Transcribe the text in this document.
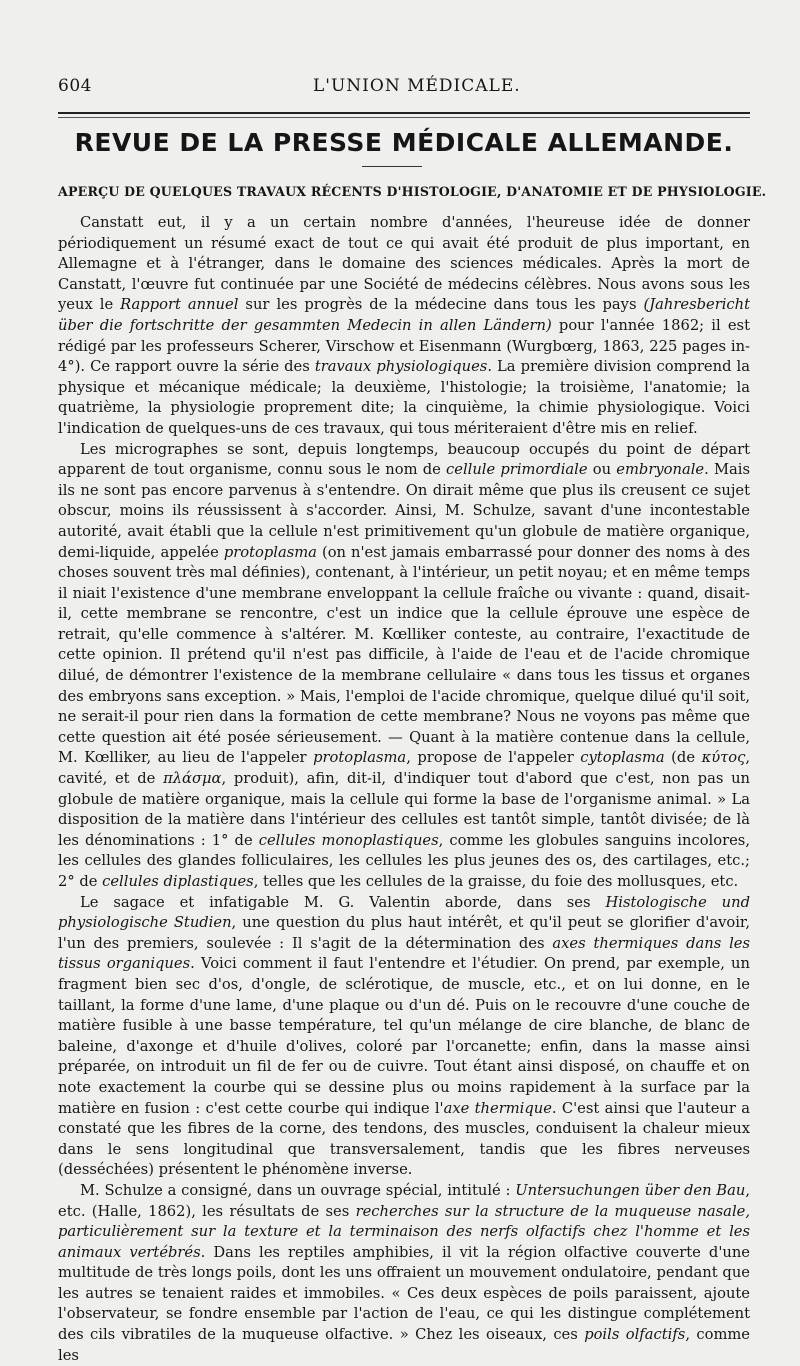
604	L'UNION MÉDICALE.
REVUE DE LA PRESSE MÉDICALE ALLEMANDE.
APERÇU DE QUELQUES TRAVAUX RÉCENTS D'HISTOLOGIE, D'ANATOMIE ET DE PHYSIOLOGIE.

Canstatt eut, il y a un certain nombre d'années, l'heureuse idée de donner périodiquement un résumé exact de tout ce qui avait été produit de plus important, en Allemagne et à l'étranger, dans le domaine des sciences médicales. Après la mort de Canstatt, l'œuvre fut continuée par une Société de médecins célèbres. Nous avons sous les yeux le Rapport annuel sur les progrès de la médecine dans tous les pays (Jahresbericht über die fortschritte der gesammten Medecin in allen Ländern) pour l'année 1862; il est rédigé par les professeurs Scherer, Virschow et Eisenmann (Wurgbœrg, 1863, 225 pages in-4°). Ce rapport ouvre la série des travaux physiologiques. La première division comprend la physique et mécanique médicale; la deuxième, l'histologie; la troisième, l'anatomie; la quatrième, la physiologie proprement dite; la cinquième, la chimie physiologique. Voici l'indication de quelques-uns de ces travaux, qui tous mériteraient d'être mis en relief.

Les micrographes se sont, depuis longtemps, beaucoup occupés du point de départ apparent de tout organisme, connu sous le nom de cellule primordiale ou embryonale. Mais ils ne sont pas encore parvenus à s'entendre. On dirait même que plus ils creusent ce sujet obscur, moins ils réussissent à s'accorder. Ainsi, M. Schulze, savant d'une incontestable autorité, avait établi que la cellule n'est primitivement qu'un globule de matière organique, demi-liquide, appelée protoplasma (on n'est jamais embarrassé pour donner des noms à des choses souvent très mal définies), contenant, à l'intérieur, un petit noyau; et en même temps il niait l'existence d'une membrane enveloppant la cellule fraîche ou vivante : quand, disait-il, cette membrane se rencontre, c'est un indice que la cellule éprouve une espèce de retrait, qu'elle commence à s'altérer. M. Kœlliker conteste, au contraire, l'exactitude de cette opinion. Il prétend qu'il n'est pas difficile, à l'aide de l'eau et de l'acide chromique dilué, de démontrer l'existence de la membrane cellulaire « dans tous les tissus et organes des embryons sans exception. » Mais, l'emploi de l'acide chromique, quelque dilué qu'il soit, ne serait-il pour rien dans la formation de cette membrane? Nous ne voyons pas même que cette question ait été posée sérieusement. — Quant à la matière contenue dans la cellule, M. Kœlliker, au lieu de l'appeler protoplasma, propose de l'appeler cytoplasma (de κύτος, cavité, et de πλάσμα, produit), afin, dit-il, d'indiquer tout d'abord que c'est, non pas un globule de matière organique, mais la cellule qui forme la base de l'organisme animal. » La disposition de la matière dans l'intérieur des cellules est tantôt simple, tantôt divisée; de là les dénominations : 1° de cellules monoplastiques, comme les globules sanguins incolores, les cellules des glandes folliculaires, les cellules les plus jeunes des os, des cartilages, etc.; 2° de cellules diplastiques, telles que les cellules de la graisse, du foie des mollusques, etc.

Le sagace et infatigable M. G. Valentin aborde, dans ses Histologische und physiologische Studien, une question du plus haut intérêt, et qu'il peut se glorifier d'avoir, l'un des premiers, soulevée : Il s'agit de la détermination des axes thermiques dans les tissus organiques. Voici comment il faut l'entendre et l'étudier. On prend, par exemple, un fragment bien sec d'os, d'ongle, de sclérotique, de muscle, etc., et on lui donne, en le taillant, la forme d'une lame, d'une plaque ou d'un dé. Puis on le recouvre d'une couche de matière fusible à une basse température, tel qu'un mélange de cire blanche, de blanc de baleine, d'axonge et d'huile d'olives, coloré par l'orcanette; enfin, dans la masse ainsi préparée, on introduit un fil de fer ou de cuivre. Tout étant ainsi disposé, on chauffe et on note exactement la courbe qui se dessine plus ou moins rapidement à la surface par la matière en fusion : c'est cette courbe qui indique l'axe thermique. C'est ainsi que l'auteur a constaté que les fibres de la corne, des tendons, des muscles, conduisent la chaleur mieux dans le sens longitudinal que transversalement, tandis que les fibres nerveuses (desséchées) présentent le phénomène inverse.

M. Schulze a consigné, dans un ouvrage spécial, intitulé : Untersuchungen über den Bau, etc. (Halle, 1862), les résultats de ses recherches sur la structure de la muqueuse nasale, particulièrement sur la texture et la terminaison des nerfs olfactifs chez l'homme et les animaux vertébrés. Dans les reptiles amphibies, il vit la région olfactive couverte d'une multitude de très longs poils, dont les uns offraient un mouvement ondulatoire, pendant que les autres se tenaient raides et immobiles. « Ces deux espèces de poils paraissent, ajoute l'observateur, se fondre ensemble par l'action de l'eau, ce qui les distingue complétement des cils vibratiles de la muqueuse olfactive. » Chez les oiseaux, ces poils olfactifs, comme les
